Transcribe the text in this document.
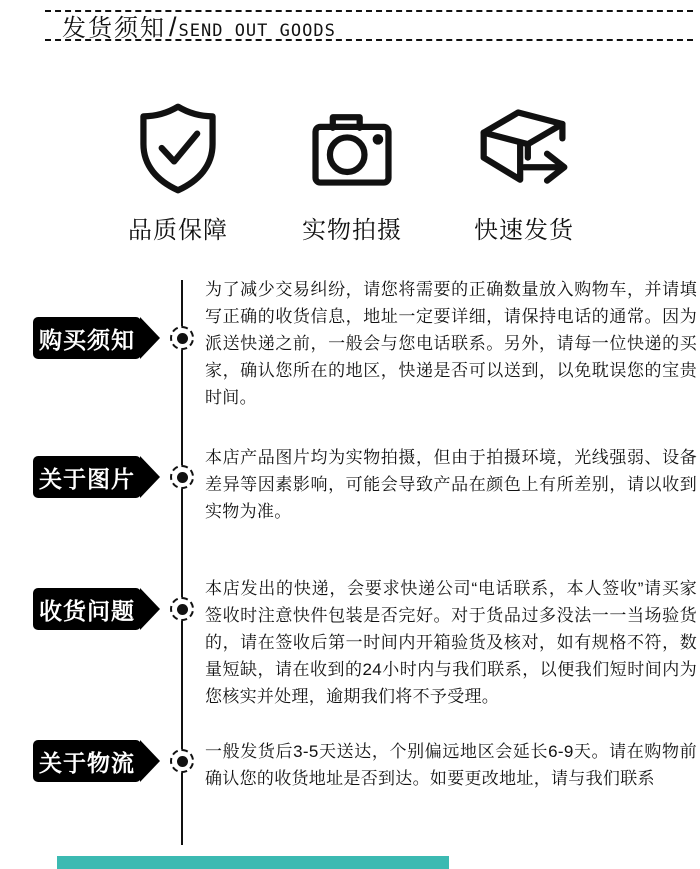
发货须知 / SEND OUT GOODS
品质保障	实物拍摄	快速发货
购买须知

为了减少交易纠纷，请您将需要的正确数量放入购物车，并请填写正确的收货信息，地址一定要详细，请保持电话的通常。因为派送快递之前，一般会与您电话联系。另外，请每一位快递的买家，确认您所在的地区，快递是否可以送到，以免耽误您的宝贵时间。

关于图片

本店产品图片均为实物拍摄，但由于拍摄环境，光线强弱、设备差异等因素影响，可能会导致产品在颜色上有所差别，请以收到实物为准。

收货问题

本店发出的快递，会要求快递公司“电话联系，本人签收”请买家签收时注意快件包装是否完好。对于货品过多没法一一当场验货的，请在签收后第一时间内开箱验货及核对，如有规格不符，数量短缺，请在收到的24小时内与我们联系，以便我们短时间内为您核实并处理，逾期我们将不予受理。

关于物流	一般发货后3-5天送达，个别偏远地区会延长6-9天。请在购物前确认您的收货地址是否到达。如要更改地址，请与我们联系
